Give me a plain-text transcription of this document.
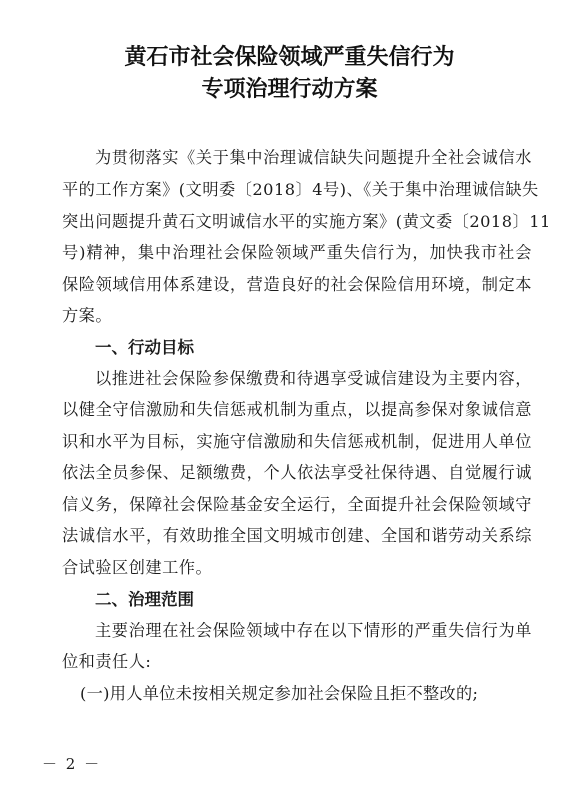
黄石市社会保险领域严重失信行为
专项治理行动方案
为贯彻落实《关于集中治理诚信缺失问题提升全社会诚信水
平的工作方案》(文明委〔2018〕4号)、《关于集中治理诚信缺失
突出问题提升黄石文明诚信水平的实施方案》(黄文委〔2018〕11
号)精神，集中治理社会保险领域严重失信行为，加快我市社会
保险领域信用体系建设，营造良好的社会保险信用环境，制定本
方案。
一、行动目标
以推进社会保险参保缴费和待遇享受诚信建设为主要内容，
以健全守信激励和失信惩戒机制为重点，以提高参保对象诚信意
识和水平为目标，实施守信激励和失信惩戒机制，促进用人单位
依法全员参保、足额缴费，个人依法享受社保待遇、自觉履行诚
信义务，保障社会保险基金安全运行，全面提升社会保险领域守
法诚信水平，有效助推全国文明城市创建、全国和谐劳动关系综
合试验区创建工作。
二、治理范围
主要治理在社会保险领域中存在以下情形的严重失信行为单
位和责任人:
(一)用人单位未按相关规定参加社会保险且拒不整改的;
－ 2 －
